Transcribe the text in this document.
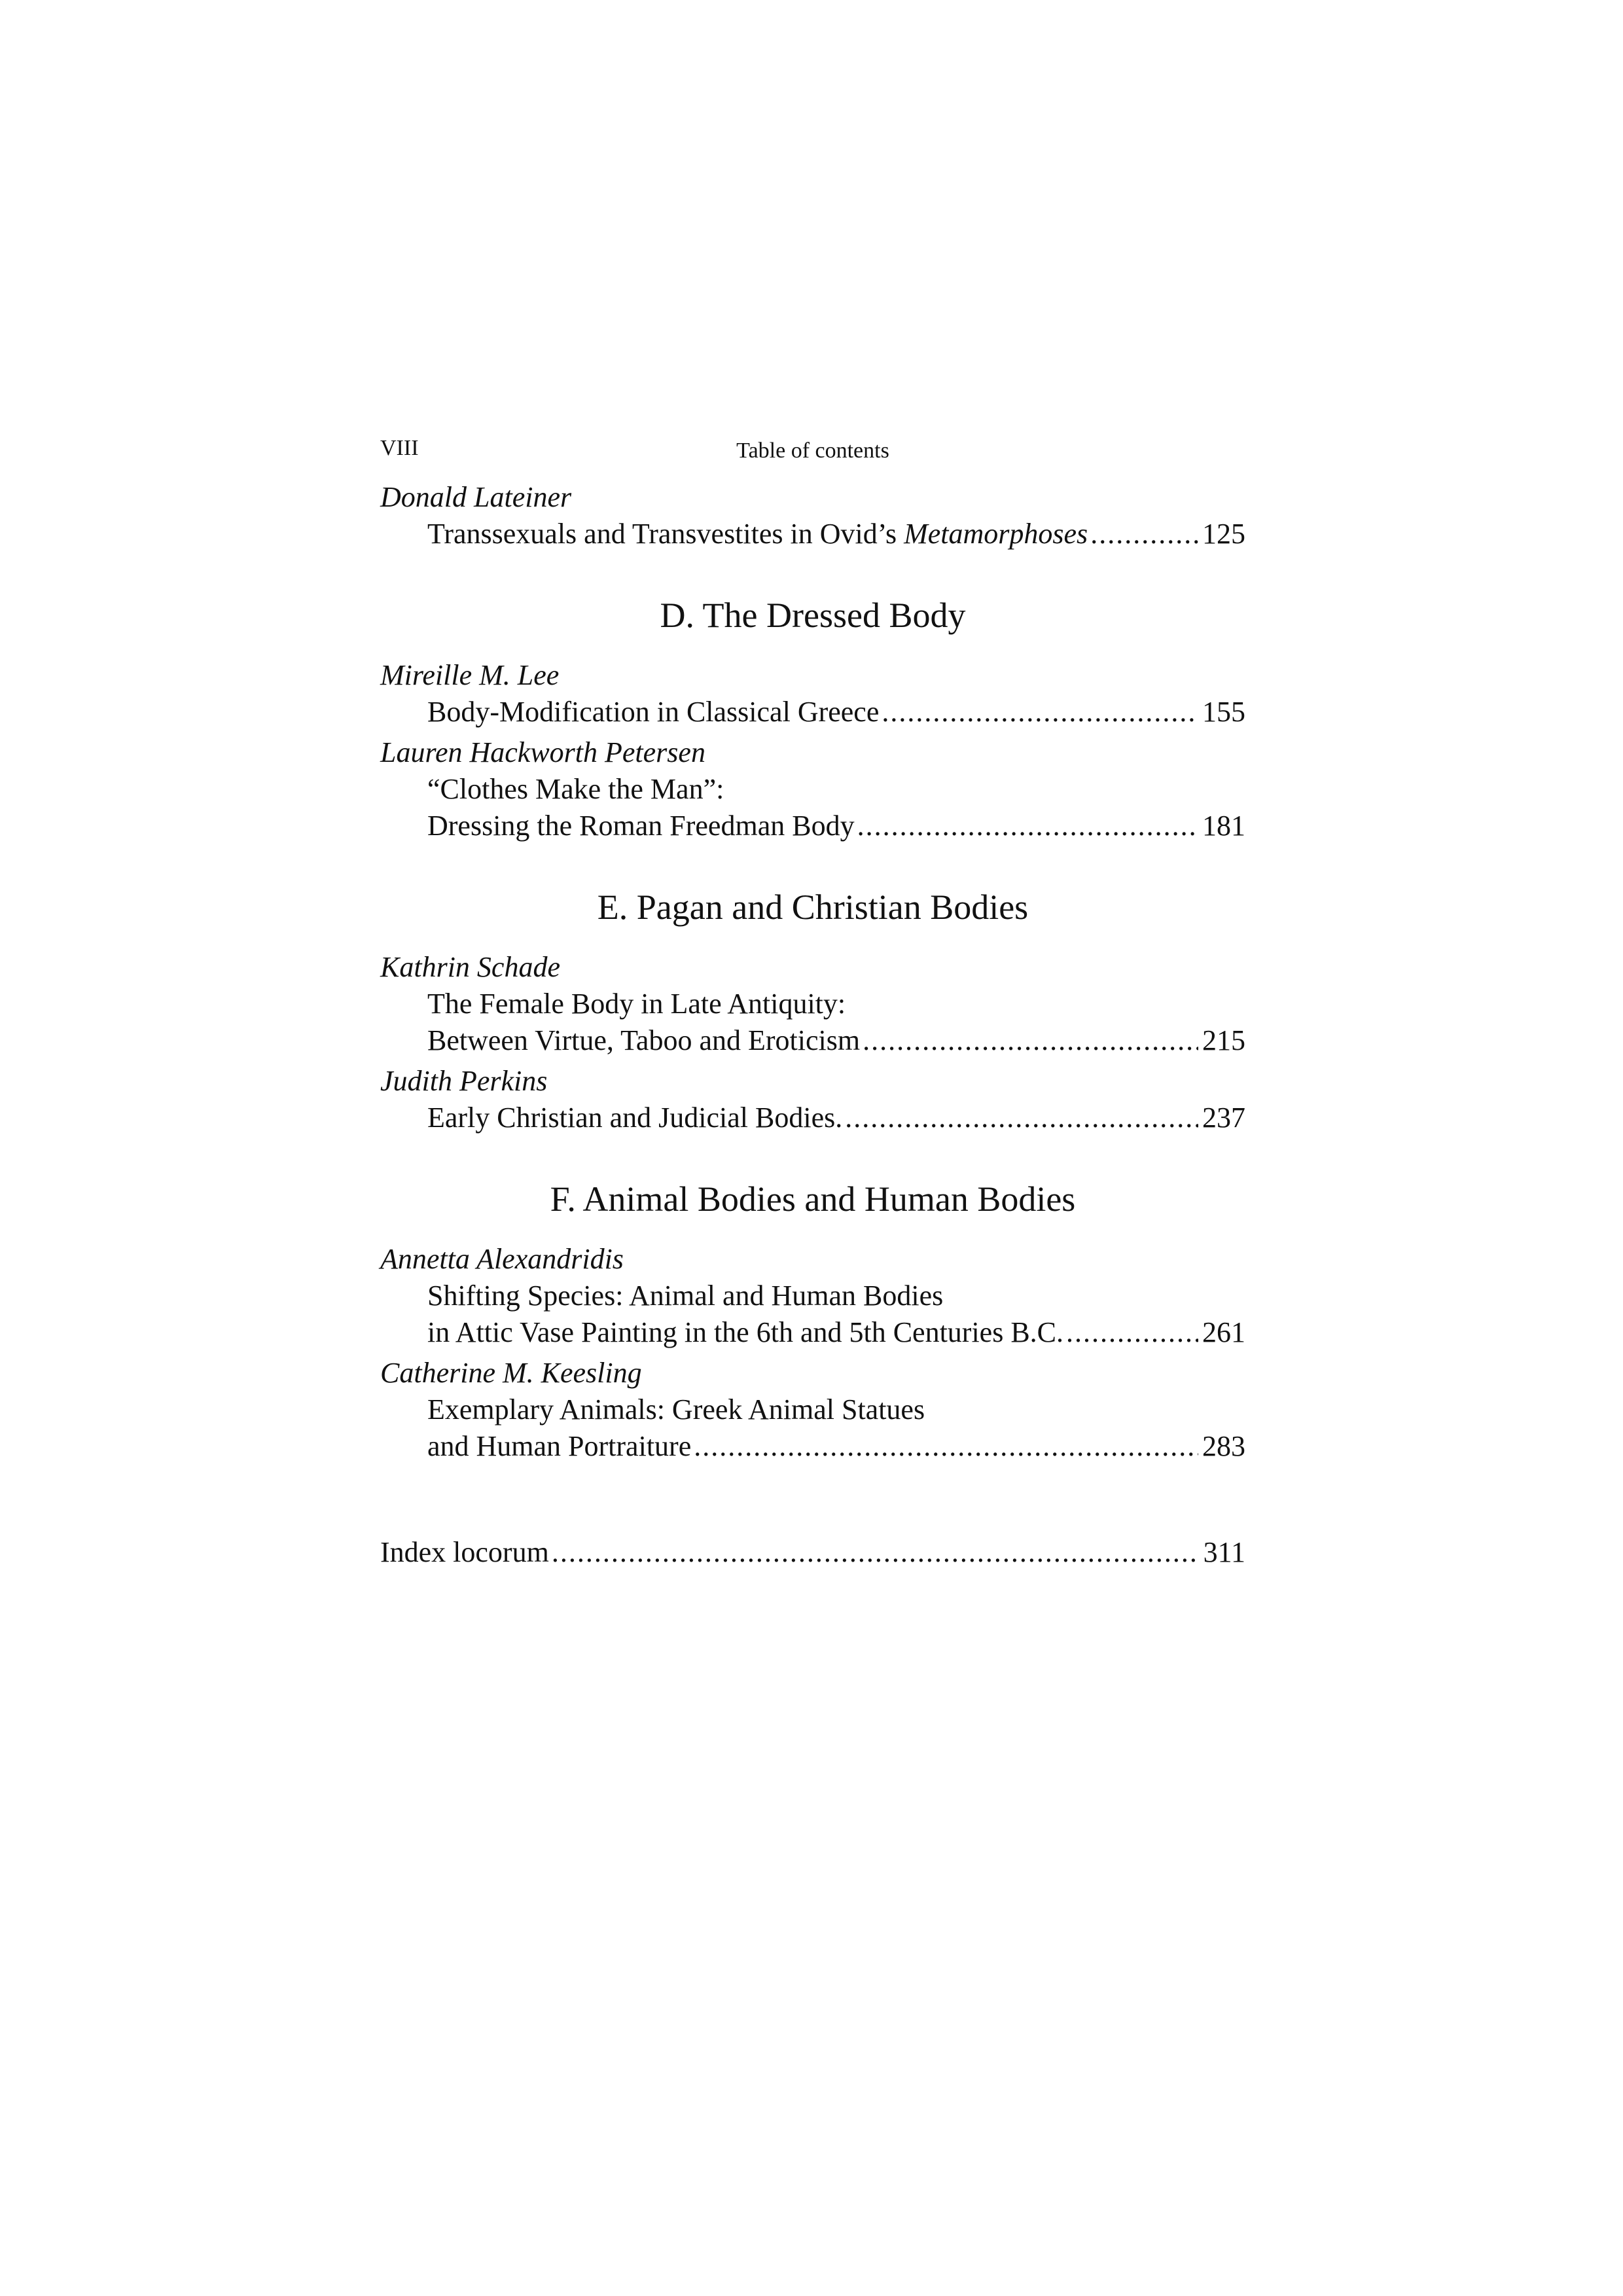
VIII	Table of contents
Donald Lateiner
Transsexuals and Transvestites in Ovid’s Metamorphoses .....	125
D. The Dressed Body
Mireille M. Lee
Body-Modification in Classical Greece .....	155
Lauren Hackworth Petersen
“Clothes Make the Man”:
Dressing the Roman Freedman Body .....	181
E. Pagan and Christian Bodies
Kathrin Schade
The Female Body in Late Antiquity:
Between Virtue, Taboo and Eroticism .....	215
Judith Perkins
Early Christian and Judicial Bodies. .....	237
F. Animal Bodies and Human Bodies
Annetta Alexandridis
Shifting Species: Animal and Human Bodies
in Attic Vase Painting in the 6th and 5th Centuries B.C. .....	261
Catherine M. Keesling
Exemplary Animals: Greek Animal Statues
and Human Portraiture .....	283
Index locorum .....	311
